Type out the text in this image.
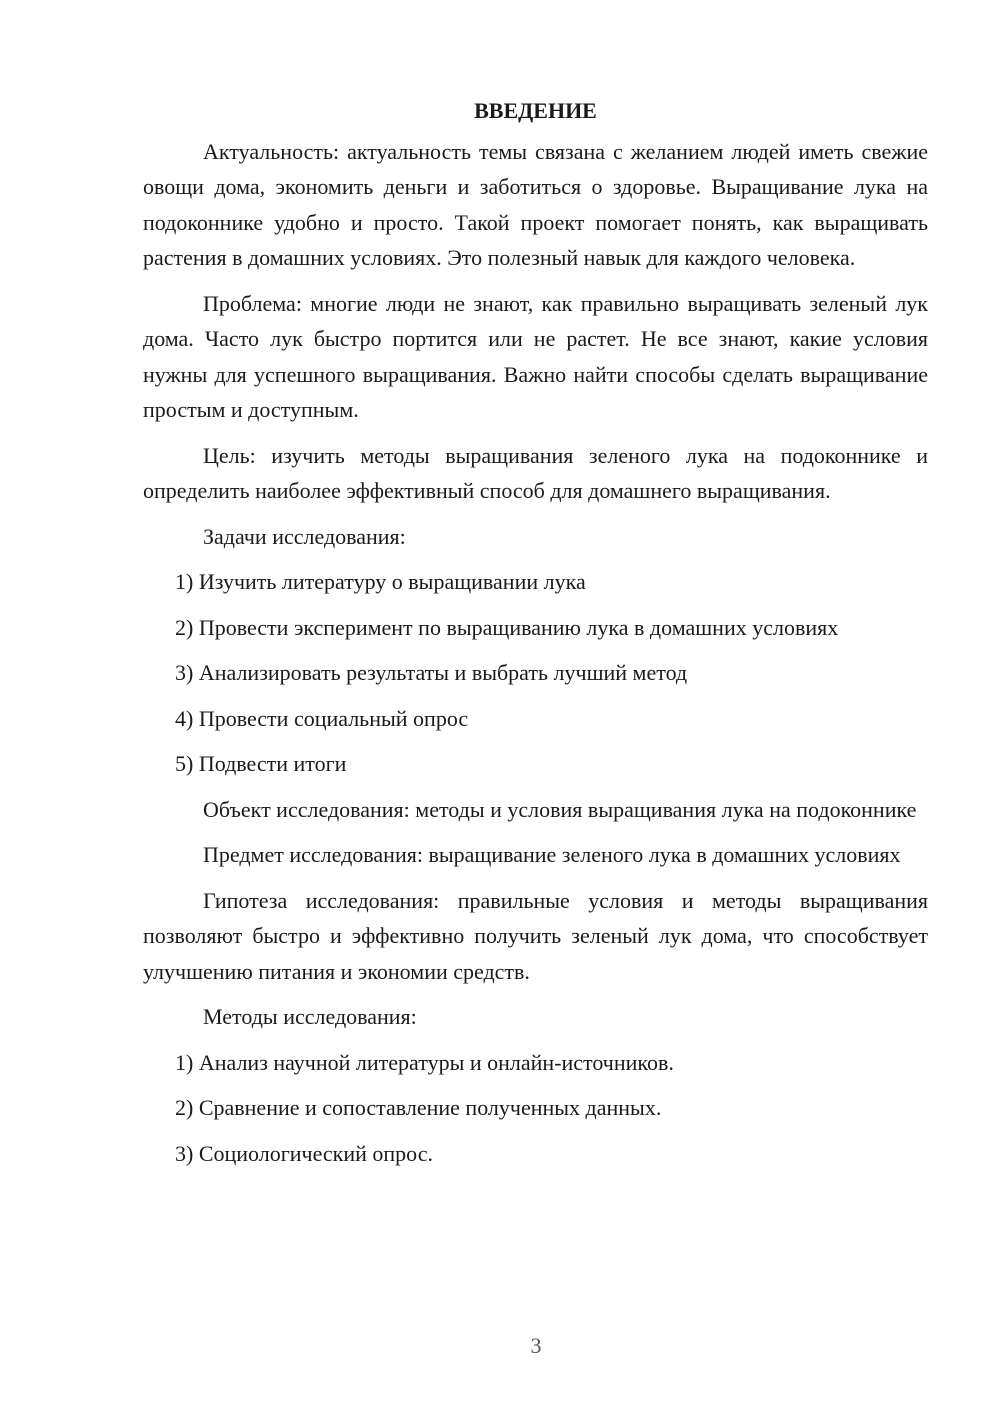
ВВЕДЕНИЕ

Актуальность: актуальность темы связана с желанием людей иметь свежие овощи дома, экономить деньги и заботиться о здоровье. Выращивание лука на подоконнике удобно и просто. Такой проект помогает понять, как выращивать растения в домашних условиях. Это полезный навык для каждого человека.

Проблема: многие люди не знают, как правильно выращивать зеленый лук дома. Часто лук быстро портится или не растет. Не все знают, какие условия нужны для успешного выращивания. Важно найти способы сделать выращивание простым и доступным.

Цель: изучить методы выращивания зеленого лука на подоконнике и определить наиболее эффективный способ для домашнего выращивания.

Задачи исследования:

1) Изучить литературу о выращивании лука

2) Провести эксперимент по выращиванию лука в домашних условиях

3) Анализировать результаты и выбрать лучший метод

4) Провести социальный опрос

5) Подвести итоги

Объект исследования: методы и условия выращивания лука на подоконнике

Предмет исследования: выращивание зеленого лука в домашних условиях

Гипотеза исследования: правильные условия и методы выращивания позволяют быстро и эффективно получить зеленый лук дома, что способствует улучшению питания и экономии средств.

Методы исследования:

1) Анализ научной литературы и онлайн-источников.

2) Сравнение и сопоставление полученных данных.

3) Социологический опрос.

3
